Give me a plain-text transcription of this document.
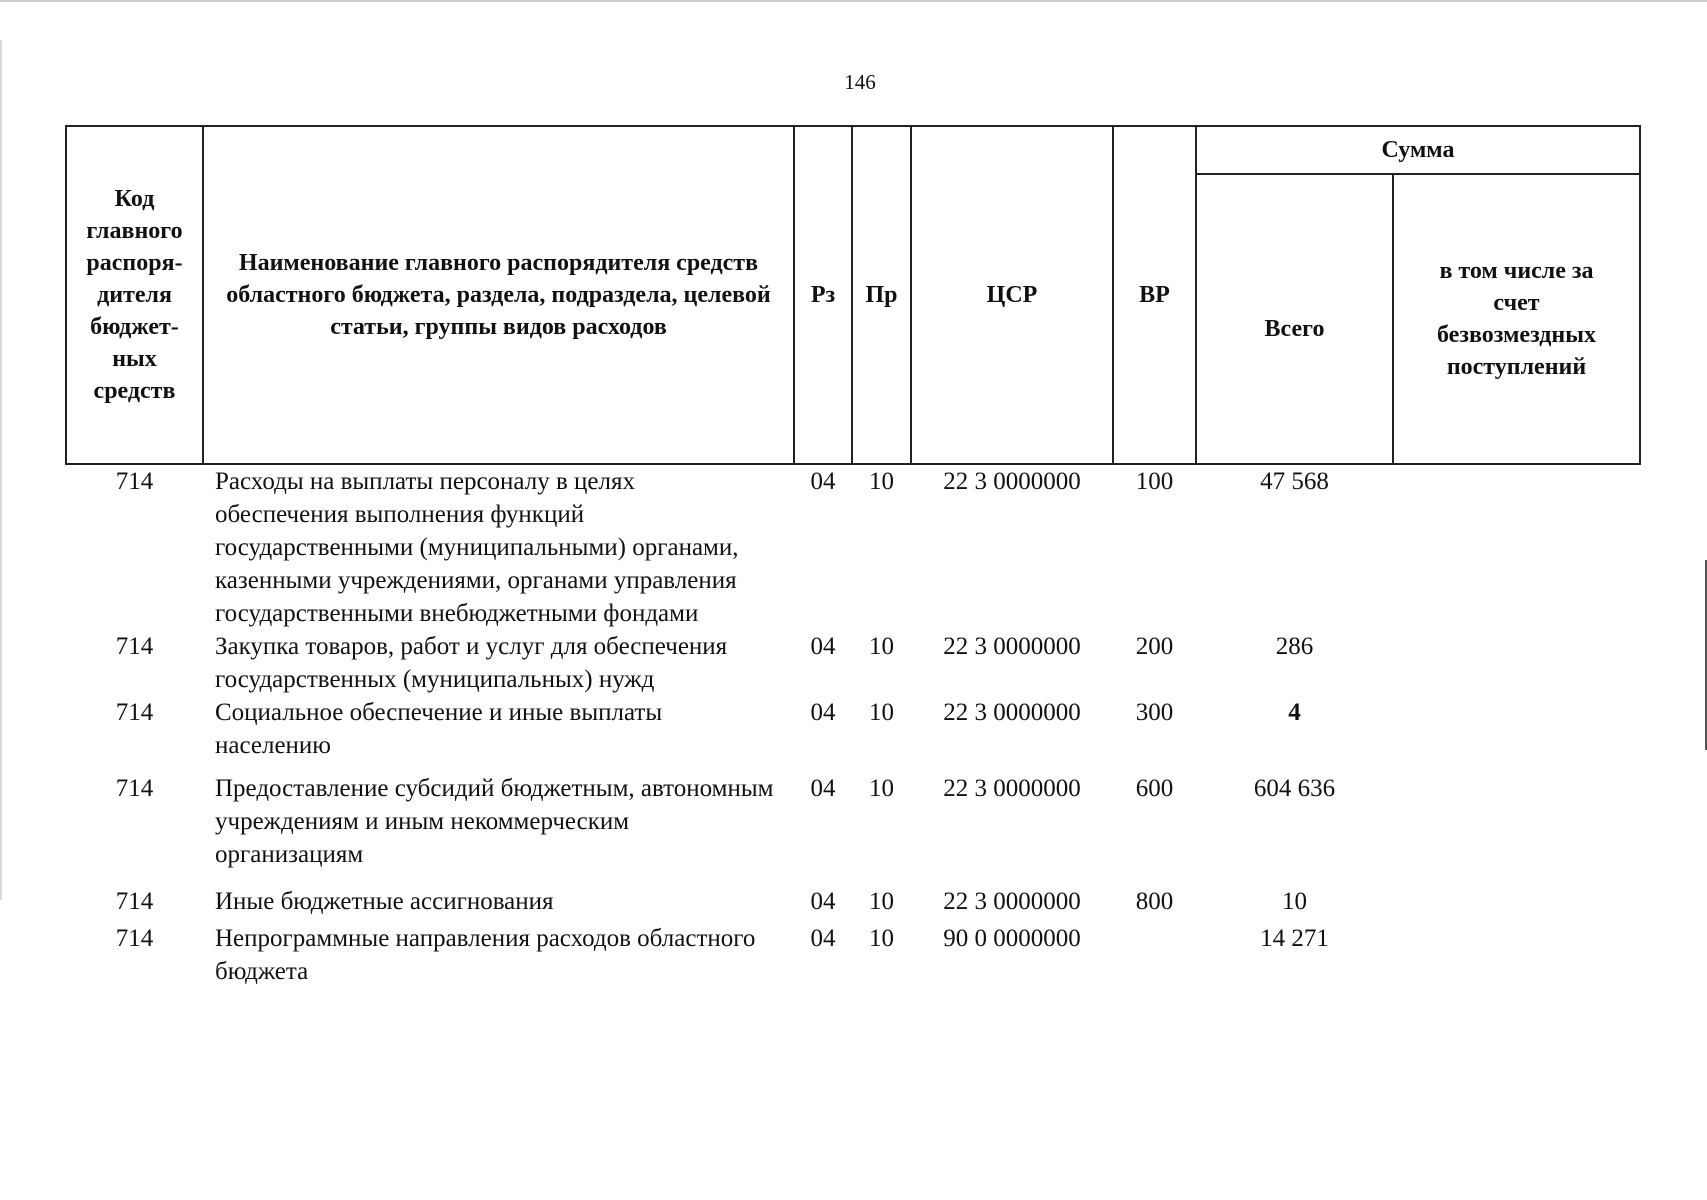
146
Код главного распоря-дителя бюджет-ных средств	Наименование главного распорядителя средств областного бюджета, раздела, подраздела, целевой статьи, группы видов расходов	Рз	Пр	ЦСР	ВР	Сумма	
						Всего	в том числе за счет безвозмездных поступлений
714	Расходы на выплаты персоналу в целях обеспечения выполнения функций государственными (муниципальными) органами, казенными учреждениями, органами управления государственными внебюджетными фондами	04	10	22 3 0000000	100	47 568	
714	Закупка товаров, работ и услуг для обеспечения государственных (муниципальных) нужд	04	10	22 3 0000000	200	286	
714	Социальное обеспечение и иные выплаты населению	04	10	22 3 0000000	300	4	
714	Предоставление субсидий бюджетным, автономным учреждениям и иным некоммерческим организациям	04	10	22 3 0000000	600	604 636	
714	Иные бюджетные ассигнования	04	10	22 3 0000000	800	10	
714	Непрограммные направления расходов областного бюджета	04	10	90 0 0000000		14 271	
